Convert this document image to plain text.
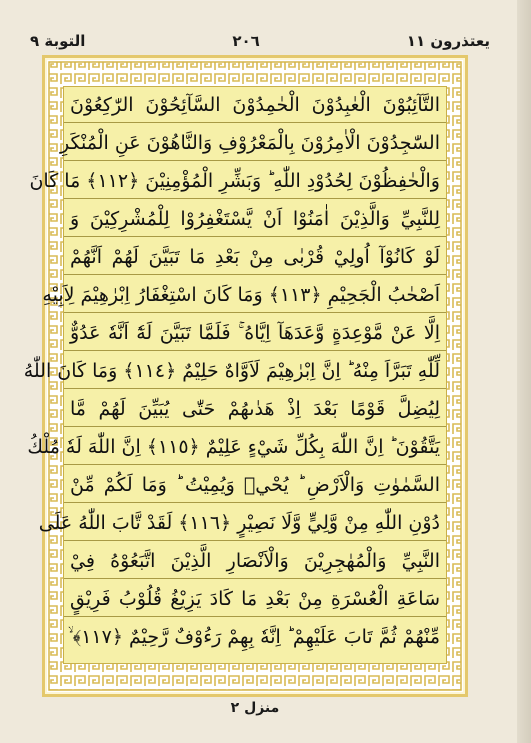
التوبة ٩	٢٠٦	يعتذرون ١١
التَّآئِبُوْنَ الْعٰبِدُوْنَ الْحٰمِدُوْنَ السَّآئِحُوْنَ الرّٰكِعُوْنَ
السّٰجِدُوْنَ الْاٰمِرُوْنَ بِالْمَعْرُوْفِ وَالنَّاهُوْنَ عَنِ الْمُنْكَرِ
وَالْحٰفِظُوْنَ لِحُدُوْدِ اللّٰهِ ؕ وَبَشِّرِ الْمُؤْمِنِيْنَ ﴿١١٢﴾ مَا كَانَ
لِلنَّبِيِّ وَالَّذِيْنَ اٰمَنُوْا اَنْ يَّسْتَغْفِرُوْا لِلْمُشْرِكِيْنَ وَ
لَوْ كَانُوْآ اُولِيْ قُرْبٰى مِنْ بَعْدِ مَا تَبَيَّنَ لَهُمْ اَنَّهُمْ
اَصْحٰبُ الْجَحِيْمِ ﴿١١٣﴾ وَمَا كَانَ اسْتِغْفَارُ اِبْرٰهِيْمَ لِاَبِيْهِ
اِلَّا عَنْ مَّوْعِدَةٍ وَّعَدَهَآ اِيَّاهُ ۚ فَلَمَّا تَبَيَّنَ لَهٗٓ اَنَّهٗ عَدُوٌّ
لِّلّٰهِ تَبَرَّاَ مِنْهُ ؕ اِنَّ اِبْرٰهِيْمَ لَاَوَّاهٌ حَلِيْمٌ ﴿١١٤﴾ وَمَا كَانَ اللّٰهُ
لِيُضِلَّ قَوْمًا بَعْدَ اِذْ هَدٰىهُمْ حَتّٰى يُبَيِّنَ لَهُمْ مَّا
يَتَّقُوْنَ ؕ اِنَّ اللّٰهَ بِكُلِّ شَيْءٍ عَلِيْمٌ ﴿١١٥﴾ اِنَّ اللّٰهَ لَهٗ مُلْكُ
السَّمٰوٰتِ وَالْاَرْضِ ؕ يُحْيٖ وَيُمِيْتُ ؕ وَمَا لَكُمْ مِّنْ
دُوْنِ اللّٰهِ مِنْ وَّلِيٍّ وَّلَا نَصِيْرٍ ﴿١١٦﴾ لَقَدْ تَّابَ اللّٰهُ عَلَى
النَّبِيِّ وَالْمُهٰجِرِيْنَ وَالْاَنْصَارِ الَّذِيْنَ اتَّبَعُوْهُ فِيْ
سَاعَةِ الْعُسْرَةِ مِنْ بَعْدِ مَا كَادَ يَزِيْغُ قُلُوْبُ فَرِيْقٍ
مِّنْهُمْ ثُمَّ تَابَ عَلَيْهِمْ ؕ اِنَّهٗ بِهِمْ رَءُوْفٌ رَّحِيْمٌ ﴿١١٧﴾ ۙ
منزل ٢
